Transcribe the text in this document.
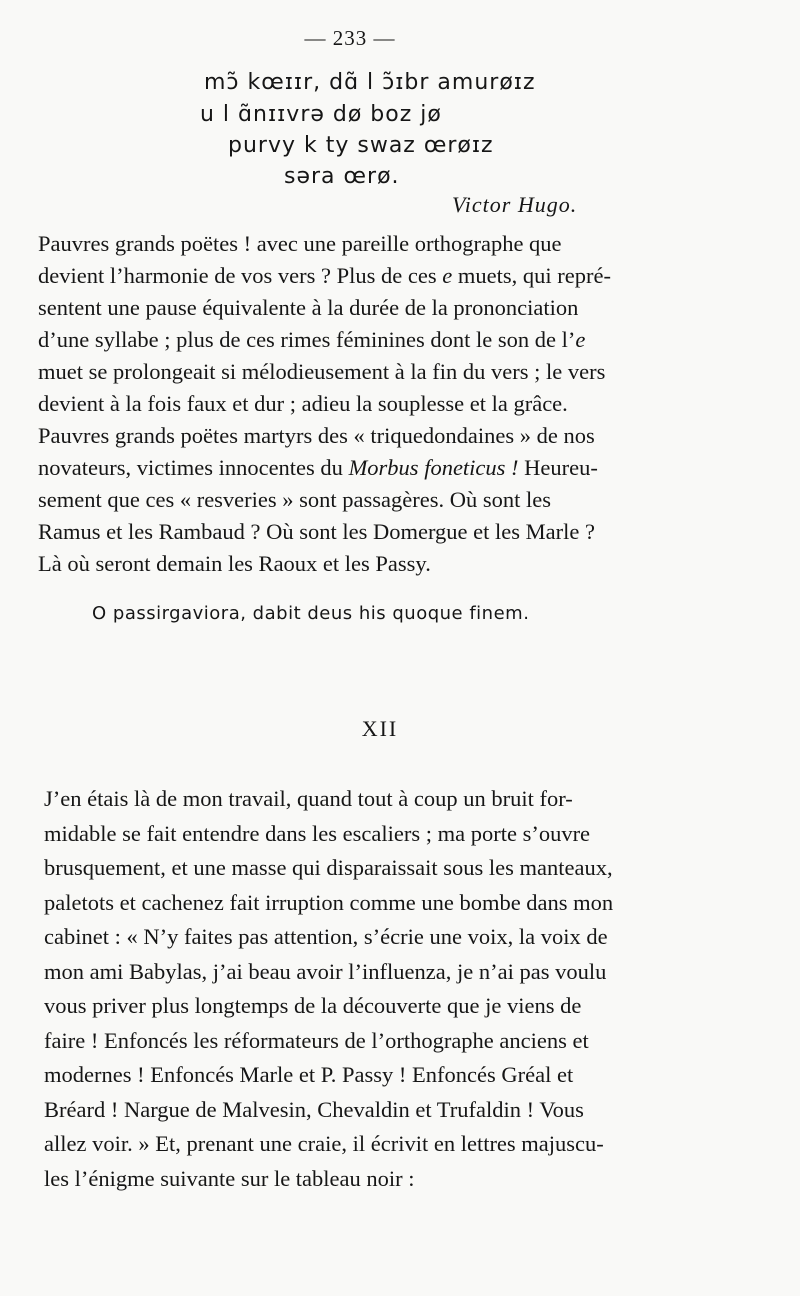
— 233 —
mɔ̃ kœɪɪr, dɑ̃ l ɔ̃ɪbr amurøɪz
u l ɑ̃nɪɪvrə dø boz jø
purvy k ty swaz œrøɪz
səra œrø.
Victor Hugo.
Pauvres grands poëtes ! avec une pareille orthographe que
devient l’harmonie de vos vers ? Plus de ces e muets, qui repré-
sentent une pause équivalente à la durée de la prononciation
d’une syllabe ; plus de ces rimes féminines dont le son de l’e
muet se prolongeait si mélodieusement à la fin du vers ; le vers
devient à la fois faux et dur ; adieu la souplesse et la grâce.
Pauvres grands poëtes martyrs des « triquedondaines » de nos
novateurs, victimes innocentes du Morbus foneticus ! Heureu-
sement que ces « resveries » sont passagères. Où sont les
Ramus et les Rambaud ? Où sont les Domergue et les Marle ?
Là où seront demain les Raoux et les Passy.
O passirgaviora, dabit deus his quoque finem.
XII
J’en étais là de mon travail, quand tout à coup un bruit for-
midable se fait entendre dans les escaliers ; ma porte s’ouvre
brusquement, et une masse qui disparaissait sous les manteaux,
paletots et cachenez fait irruption comme une bombe dans mon
cabinet : « N’y faites pas attention, s’écrie une voix, la voix de
mon ami Babylas, j’ai beau avoir l’influenza, je n’ai pas voulu
vous priver plus longtemps de la découverte que je viens de
faire ! Enfoncés les réformateurs de l’orthographe anciens et
modernes ! Enfoncés Marle et P. Passy ! Enfoncés Gréal et
Bréard ! Nargue de Malvesin, Chevaldin et Trufaldin ! Vous
allez voir. » Et, prenant une craie, il écrivit en lettres majuscu-
les l’énigme suivante sur le tableau noir :
